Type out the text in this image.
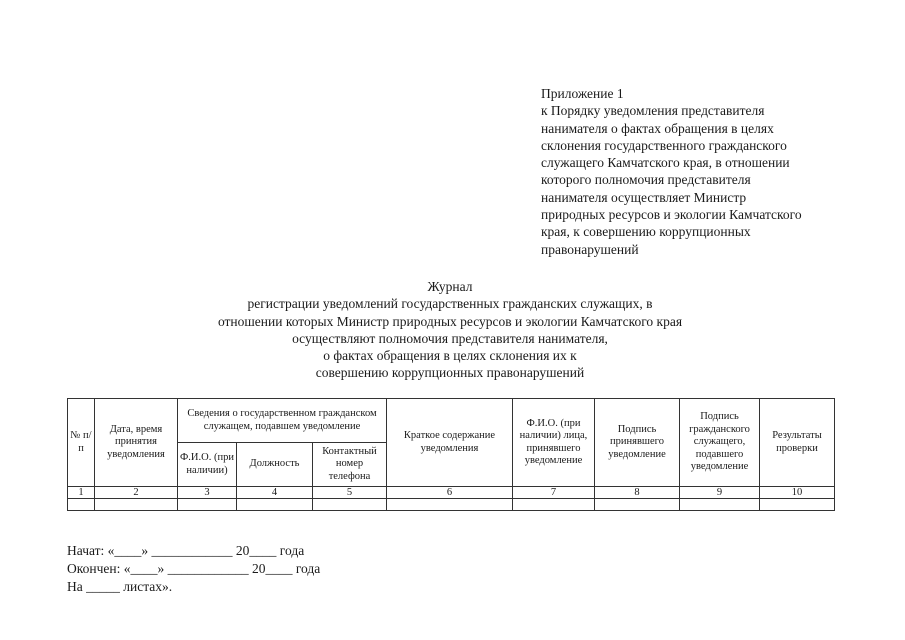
Приложение 1
к Порядку уведомления представителя
нанимателя о фактах обращения в целях
склонения государственного гражданского
служащего Камчатского края, в отношении
которого полномочия представителя
нанимателя осуществляет Министр
природных ресурсов и экологии Камчатского
края, к совершению коррупционных
правонарушений
Журнал
регистрации уведомлений государственных гражданских служащих, в
отношении которых Министр природных ресурсов и экологии Камчатского края
осуществляют полномочия представителя нанимателя,
о фактах обращения в целях склонения их к
совершению коррупционных правонарушений
№ п/п	Дата, время принятия уведомления	Сведения о государственном гражданском служащем, подавшем уведомление			Краткое содержание уведомления	Ф.И.О. (при наличии) лица, принявшего уведомление	Подпись принявшего уведомление	Подпись гражданского служащего, подавшего уведомление	Результаты проверки
		Ф.И.О. (при наличии)	Должность	Контактный номер телефона					
1	2	3	4	5	6	7	8	9	10

Начат: «____» ____________ 20____ года
Окончен: «____» ____________ 20____ года
На _____ листах».
